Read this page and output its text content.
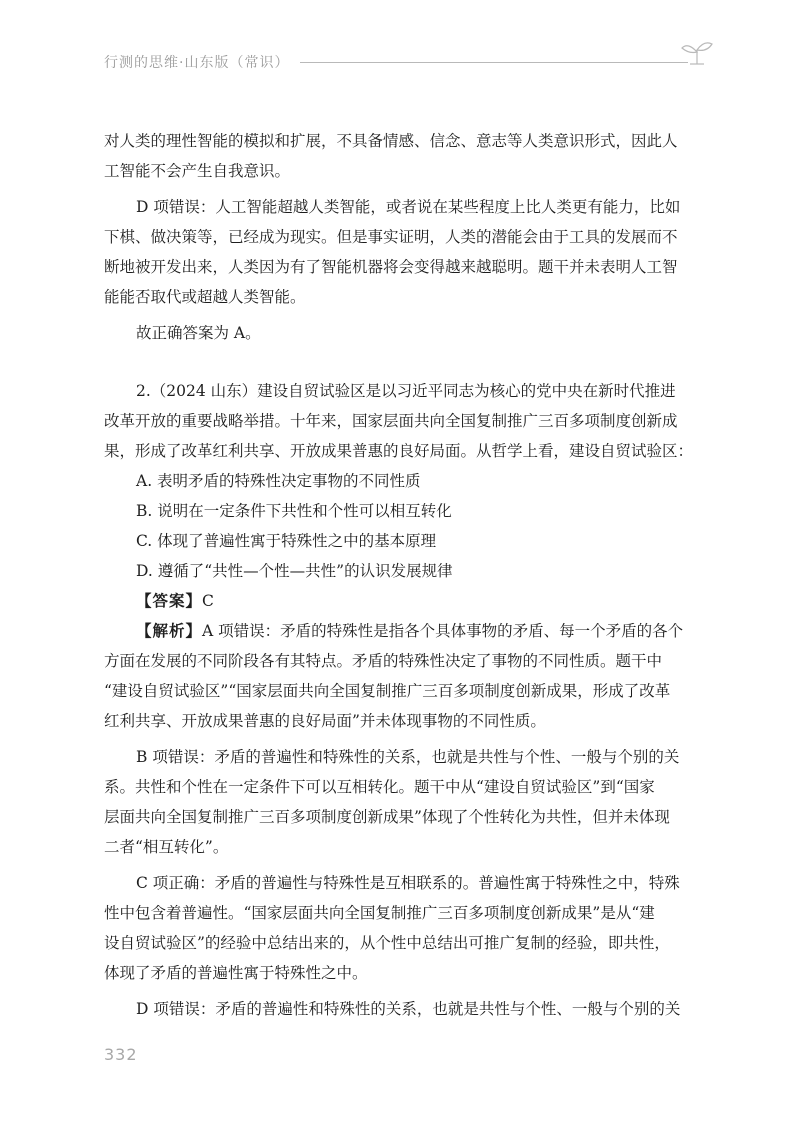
行测的思维·山东版（常识）

对人类的理性智能的模拟和扩展，不具备情感、信念、意志等人类意识形式，因此人

工智能不会产生自我意识。

D 项错误：人工智能超越人类智能，或者说在某些程度上比人类更有能力，比如

下棋、做决策等，已经成为现实。但是事实证明，人类的潜能会由于工具的发展而不

断地被开发出来，人类因为有了智能机器将会变得越来越聪明。题干并未表明人工智

能能否取代或超越人类智能。

故正确答案为 A。

2.（2024 山东）建设自贸试验区是以习近平同志为核心的党中央在新时代推进

改革开放的重要战略举措。十年来，国家层面共向全国复制推广三百多项制度创新成

果，形成了改革红利共享、开放成果普惠的良好局面。从哲学上看，建设自贸试验区：

A. 表明矛盾的特殊性决定事物的不同性质

B. 说明在一定条件下共性和个性可以相互转化

C. 体现了普遍性寓于特殊性之中的基本原理

D. 遵循了“共性—个性—共性”的认识发展规律

【答案】C

【解析】A 项错误：矛盾的特殊性是指各个具体事物的矛盾、每一个矛盾的各个

方面在发展的不同阶段各有其特点。矛盾的特殊性决定了事物的不同性质。题干中

“建设自贸试验区”“国家层面共向全国复制推广三百多项制度创新成果，形成了改革

红利共享、开放成果普惠的良好局面”并未体现事物的不同性质。

B 项错误：矛盾的普遍性和特殊性的关系，也就是共性与个性、一般与个别的关

系。共性和个性在一定条件下可以互相转化。题干中从“建设自贸试验区”到“国家

层面共向全国复制推广三百多项制度创新成果”体现了个性转化为共性，但并未体现

二者“相互转化”。

C 项正确：矛盾的普遍性与特殊性是互相联系的。普遍性寓于特殊性之中，特殊

性中包含着普遍性。“国家层面共向全国复制推广三百多项制度创新成果”是从“建

设自贸试验区”的经验中总结出来的，从个性中总结出可推广复制的经验，即共性，

体现了矛盾的普遍性寓于特殊性之中。

D 项错误：矛盾的普遍性和特殊性的关系，也就是共性与个性、一般与个别的关

332
